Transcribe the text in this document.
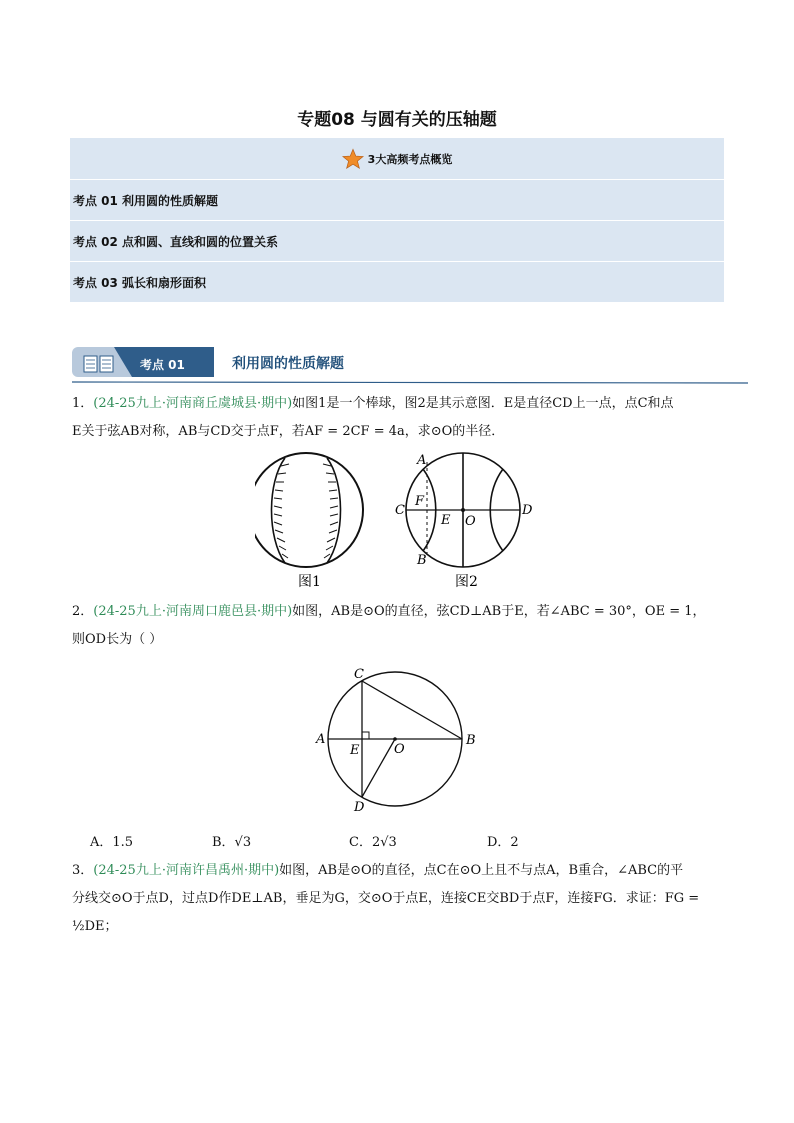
专题08 与圆有关的压轴题
3大高频考点概览
考点 01 利用圆的性质解题
考点 02 点和圆、直线和圆的位置关系
考点 03 弧长和扇形面积
考点 01	利用圆的性质解题
1．(24-25九上·河南商丘虞城县·期中)如图1是一个棒球，图2是其示意图．E是直径CD上一点，点C和点
E关于弦AB对称，AB与CD交于点F，若AF = 2CF = 4a，求⊙O的半径．
图1	图2
A
B
C	D
E
F
O
2．(24-25九上·河南周口鹿邑县·期中)如图，AB是⊙O的直径，弦CD⊥AB于E，若∠ABC = 30°，OE = 1，
则OD长为（ ）
A	B
C
D
E	O
A．1.5	B．√3	C．2√3	D．2
3．(24-25九上·河南许昌禹州·期中)如图，AB是⊙O的直径，点C在⊙O上且不与点A，B重合，∠ABC的平
分线交⊙O于点D，过点D作DE⊥AB，垂足为G，交⊙O于点E，连接CE交BD于点F，连接FG．求证：FG =
½DE；
